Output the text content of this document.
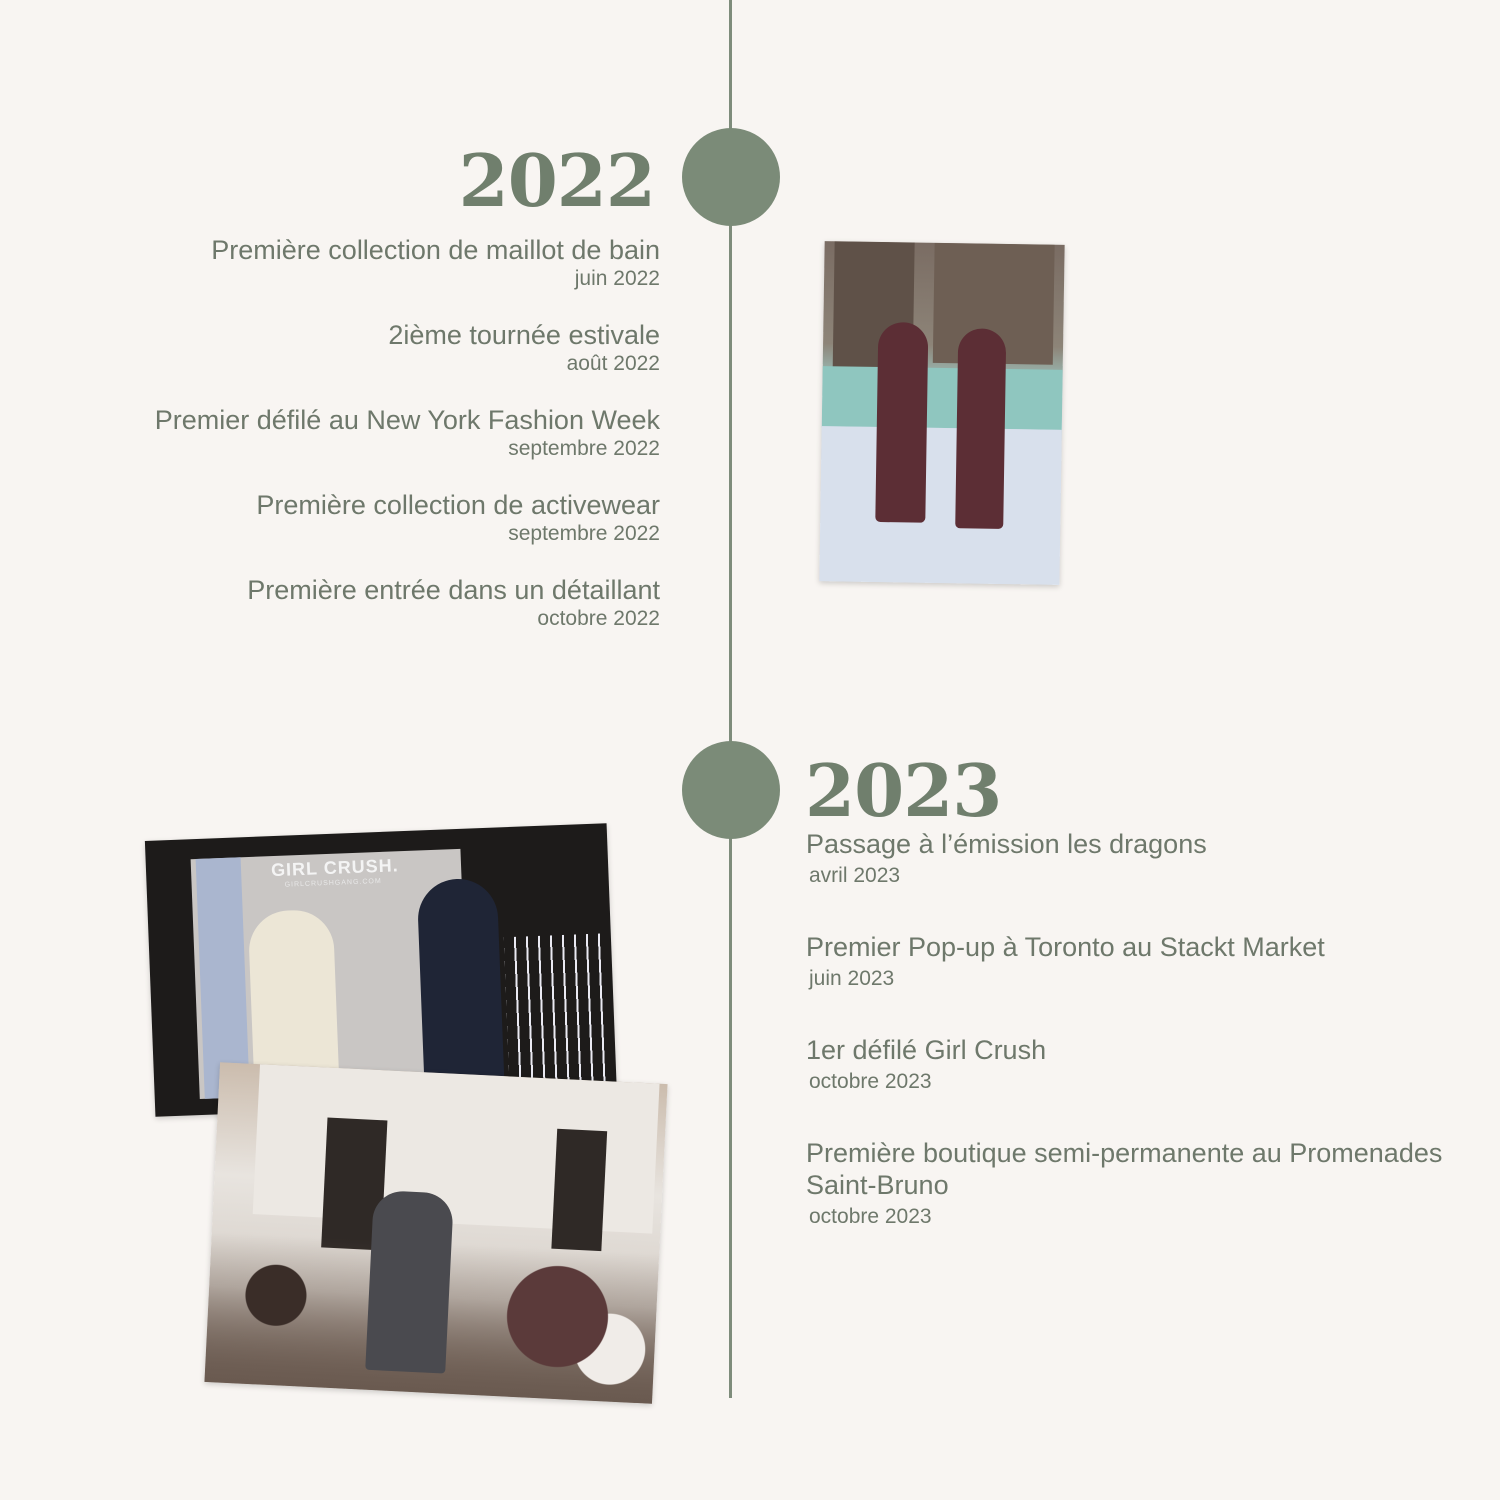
2022
Première collection de maillot de bain
juin 2022
2ième tournée estivale
août 2022
Premier défilé au New York Fashion Week
septembre 2022
Première collection de activewear
septembre 2022
Première entrée dans un détaillant
octobre 2022
2023
Passage à l’émission les dragons
avril 2023
Premier Pop-up à Toronto au Stackt Market
juin 2023
1er défilé Girl Crush
octobre 2023
Première boutique semi-permanente au Promenades Saint-Bruno
octobre 2023
GIRL CRUSH.
GIRLCRUSHGANG.COM
